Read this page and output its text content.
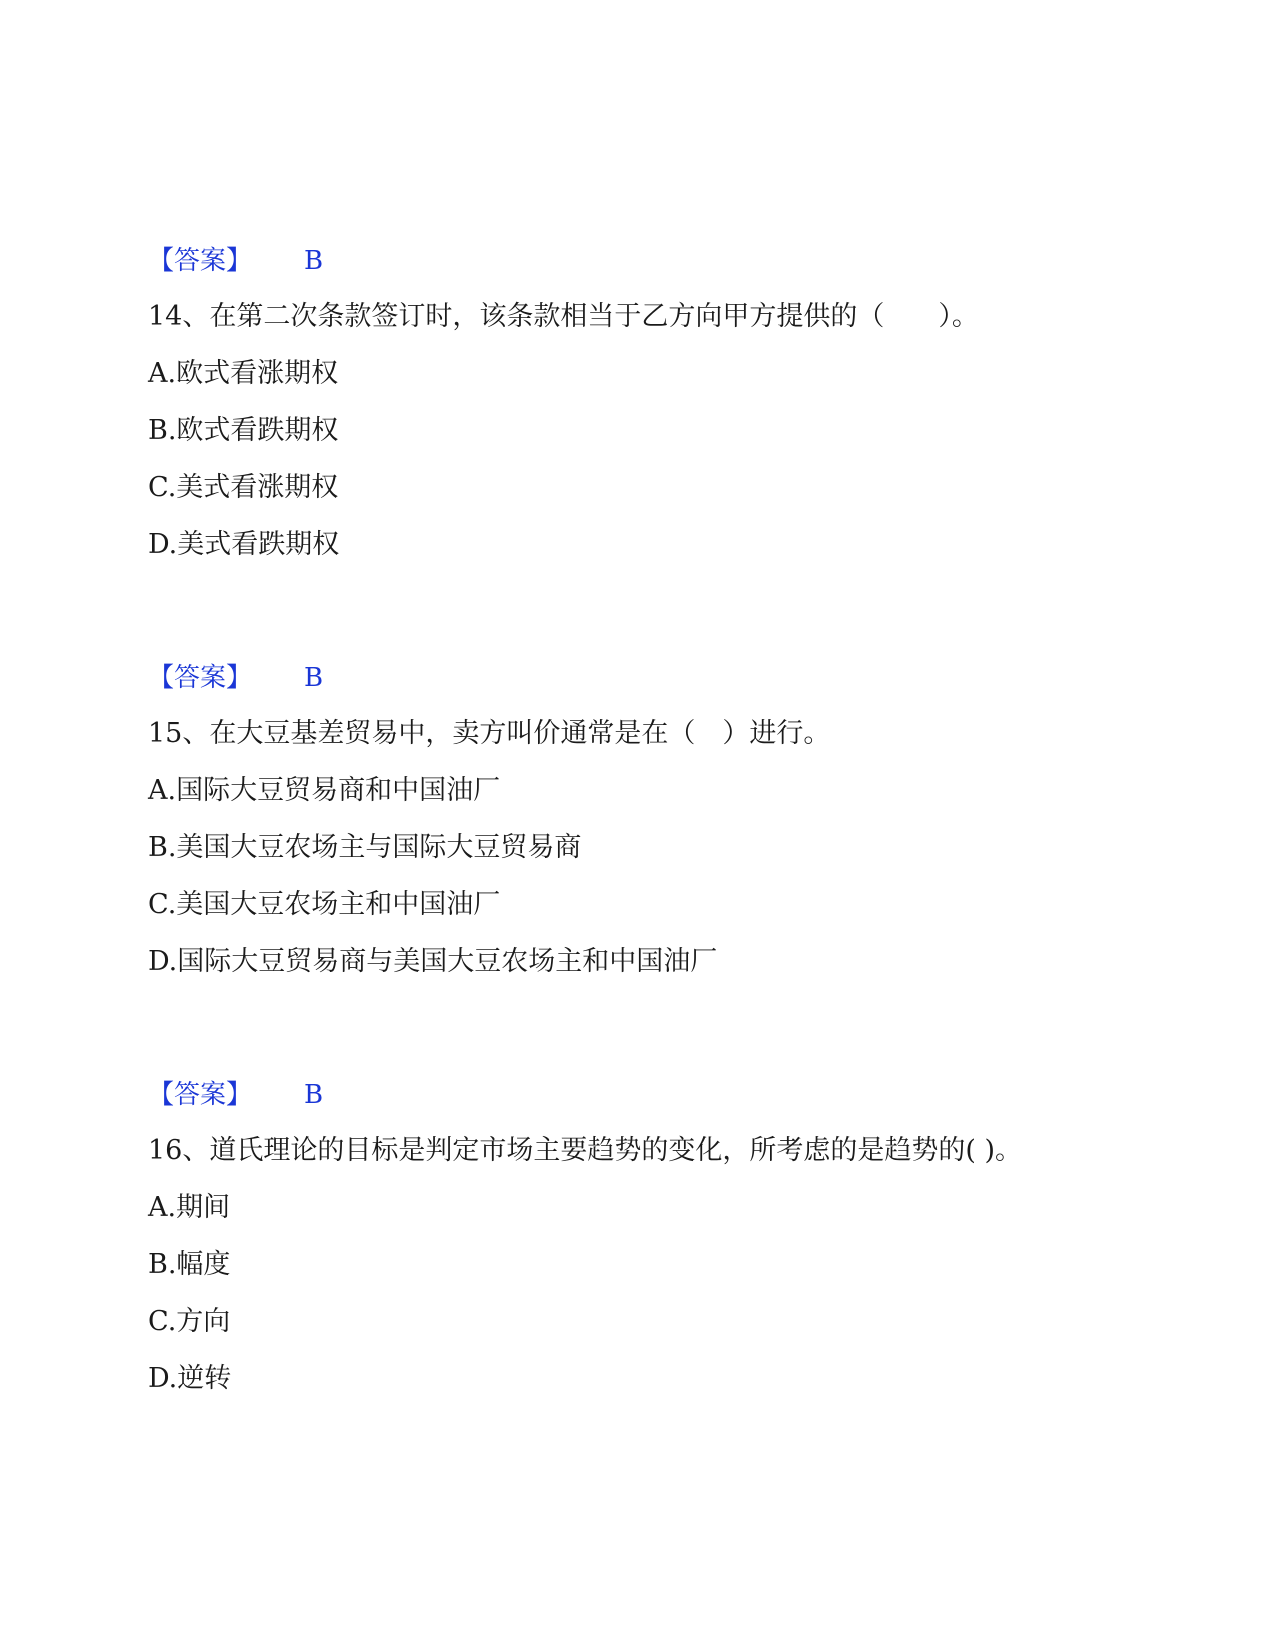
【答案】 B
14、在第二次条款签订时，该条款相当于乙方向甲方提供的（　　）。
A.欧式看涨期权
B.欧式看跌期权
C.美式看涨期权
D.美式看跌期权
【答案】 B
15、在大豆基差贸易中，卖方叫价通常是在（　）进行。
A.国际大豆贸易商和中国油厂
B.美国大豆农场主与国际大豆贸易商
C.美国大豆农场主和中国油厂
D.国际大豆贸易商与美国大豆农场主和中国油厂
【答案】 B
16、道氏理论的目标是判定市场主要趋势的变化，所考虑的是趋势的( )。
A.期间
B.幅度
C.方向
D.逆转
